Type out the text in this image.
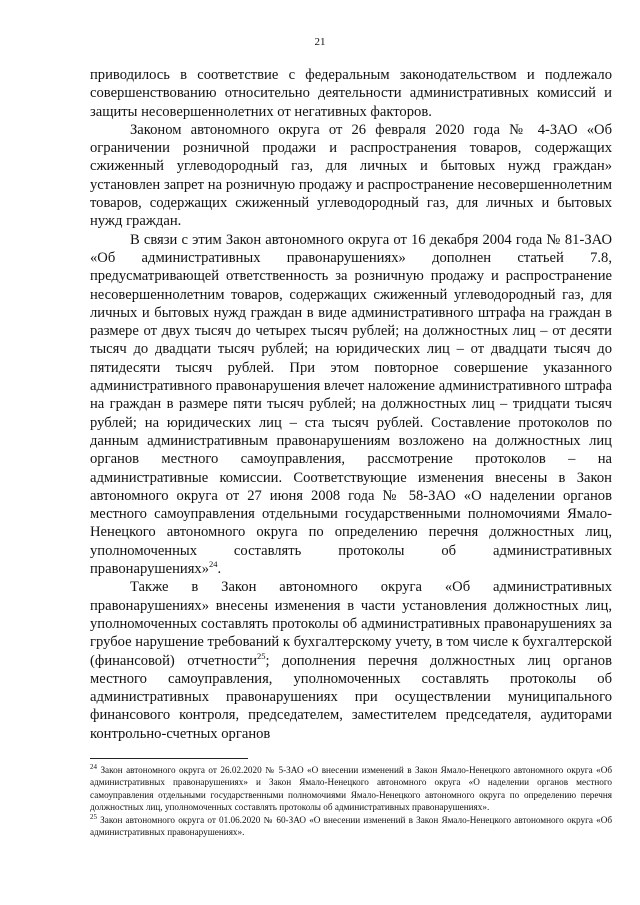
21

приводилось в соответствие с федеральным законодательством и подлежало совершенствованию относительно деятельности административных комиссий и защиты несовершеннолетних от негативных факторов.

Законом автономного округа от 26 февраля 2020 года № 4-ЗАО «Об ограничении розничной продажи и распространения товаров, содержащих сжиженный углеводородный газ, для личных и бытовых нужд граждан» установлен запрет на розничную продажу и распространение несовершеннолетним товаров, содержащих сжиженный углеводородный газ, для личных и бытовых нужд граждан.

В связи с этим Закон автономного округа от 16 декабря 2004 года № 81-ЗАО «Об административных правонарушениях» дополнен статьей 7.8, предусматривающей ответственность за розничную продажу и распространение несовершеннолетним товаров, содержащих сжиженный углеводородный газ, для личных и бытовых нужд граждан в виде административного штрафа на граждан в размере от двух тысяч до четырех тысяч рублей; на должностных лиц – от десяти тысяч до двадцати тысяч рублей; на юридических лиц – от двадцати тысяч до пятидесяти тысяч рублей. При этом повторное совершение указанного административного правонарушения влечет наложение административного штрафа на граждан в размере пяти тысяч рублей; на должностных лиц – тридцати тысяч рублей; на юридических лиц – ста тысяч рублей. Составление протоколов по данным административным правонарушениям возложено на должностных лиц органов местного самоуправления, рассмотрение протоколов – на административные комиссии. Соответствующие изменения внесены в Закон автономного округа от 27 июня 2008 года № 58-ЗАО «О наделении органов местного самоуправления отдельными государственными полномочиями Ямало-Ненецкого автономного округа по определению перечня должностных лиц, уполномоченных составлять протоколы об административных правонарушениях»$^{24}$.

Также в Закон автономного округа «Об административных правонарушениях» внесены изменения в части установления должностных лиц, уполномоченных составлять протоколы об административных правонарушениях за грубое нарушение требований к бухгалтерскому учету, в том числе к бухгалтерской (финансовой) отчетности$^{25}$; дополнения перечня должностных лиц органов местного самоуправления, уполномоченных составлять протоколы об административных правонарушениях при осуществлении муниципального финансового контроля, председателем, заместителем председателя, аудиторами контрольно-счетных органов

$^{24}$ Закон автономного округа от 26.02.2020 № 5-ЗАО «О внесении изменений в Закон Ямало-Ненецкого автономного округа «Об административных правонарушениях» и Закон Ямало-Ненецкого автономного округа «О наделении органов местного самоуправления отдельными государственными полномочиями Ямало-Ненецкого автономного округа по определению перечня должностных лиц, уполномоченных составлять протоколы об административных правонарушениях».

$^{25}$ Закон автономного округа от 01.06.2020 № 60-ЗАО «О внесении изменений в Закон Ямало-Ненецкого автономного округа «Об административных правонарушениях».
